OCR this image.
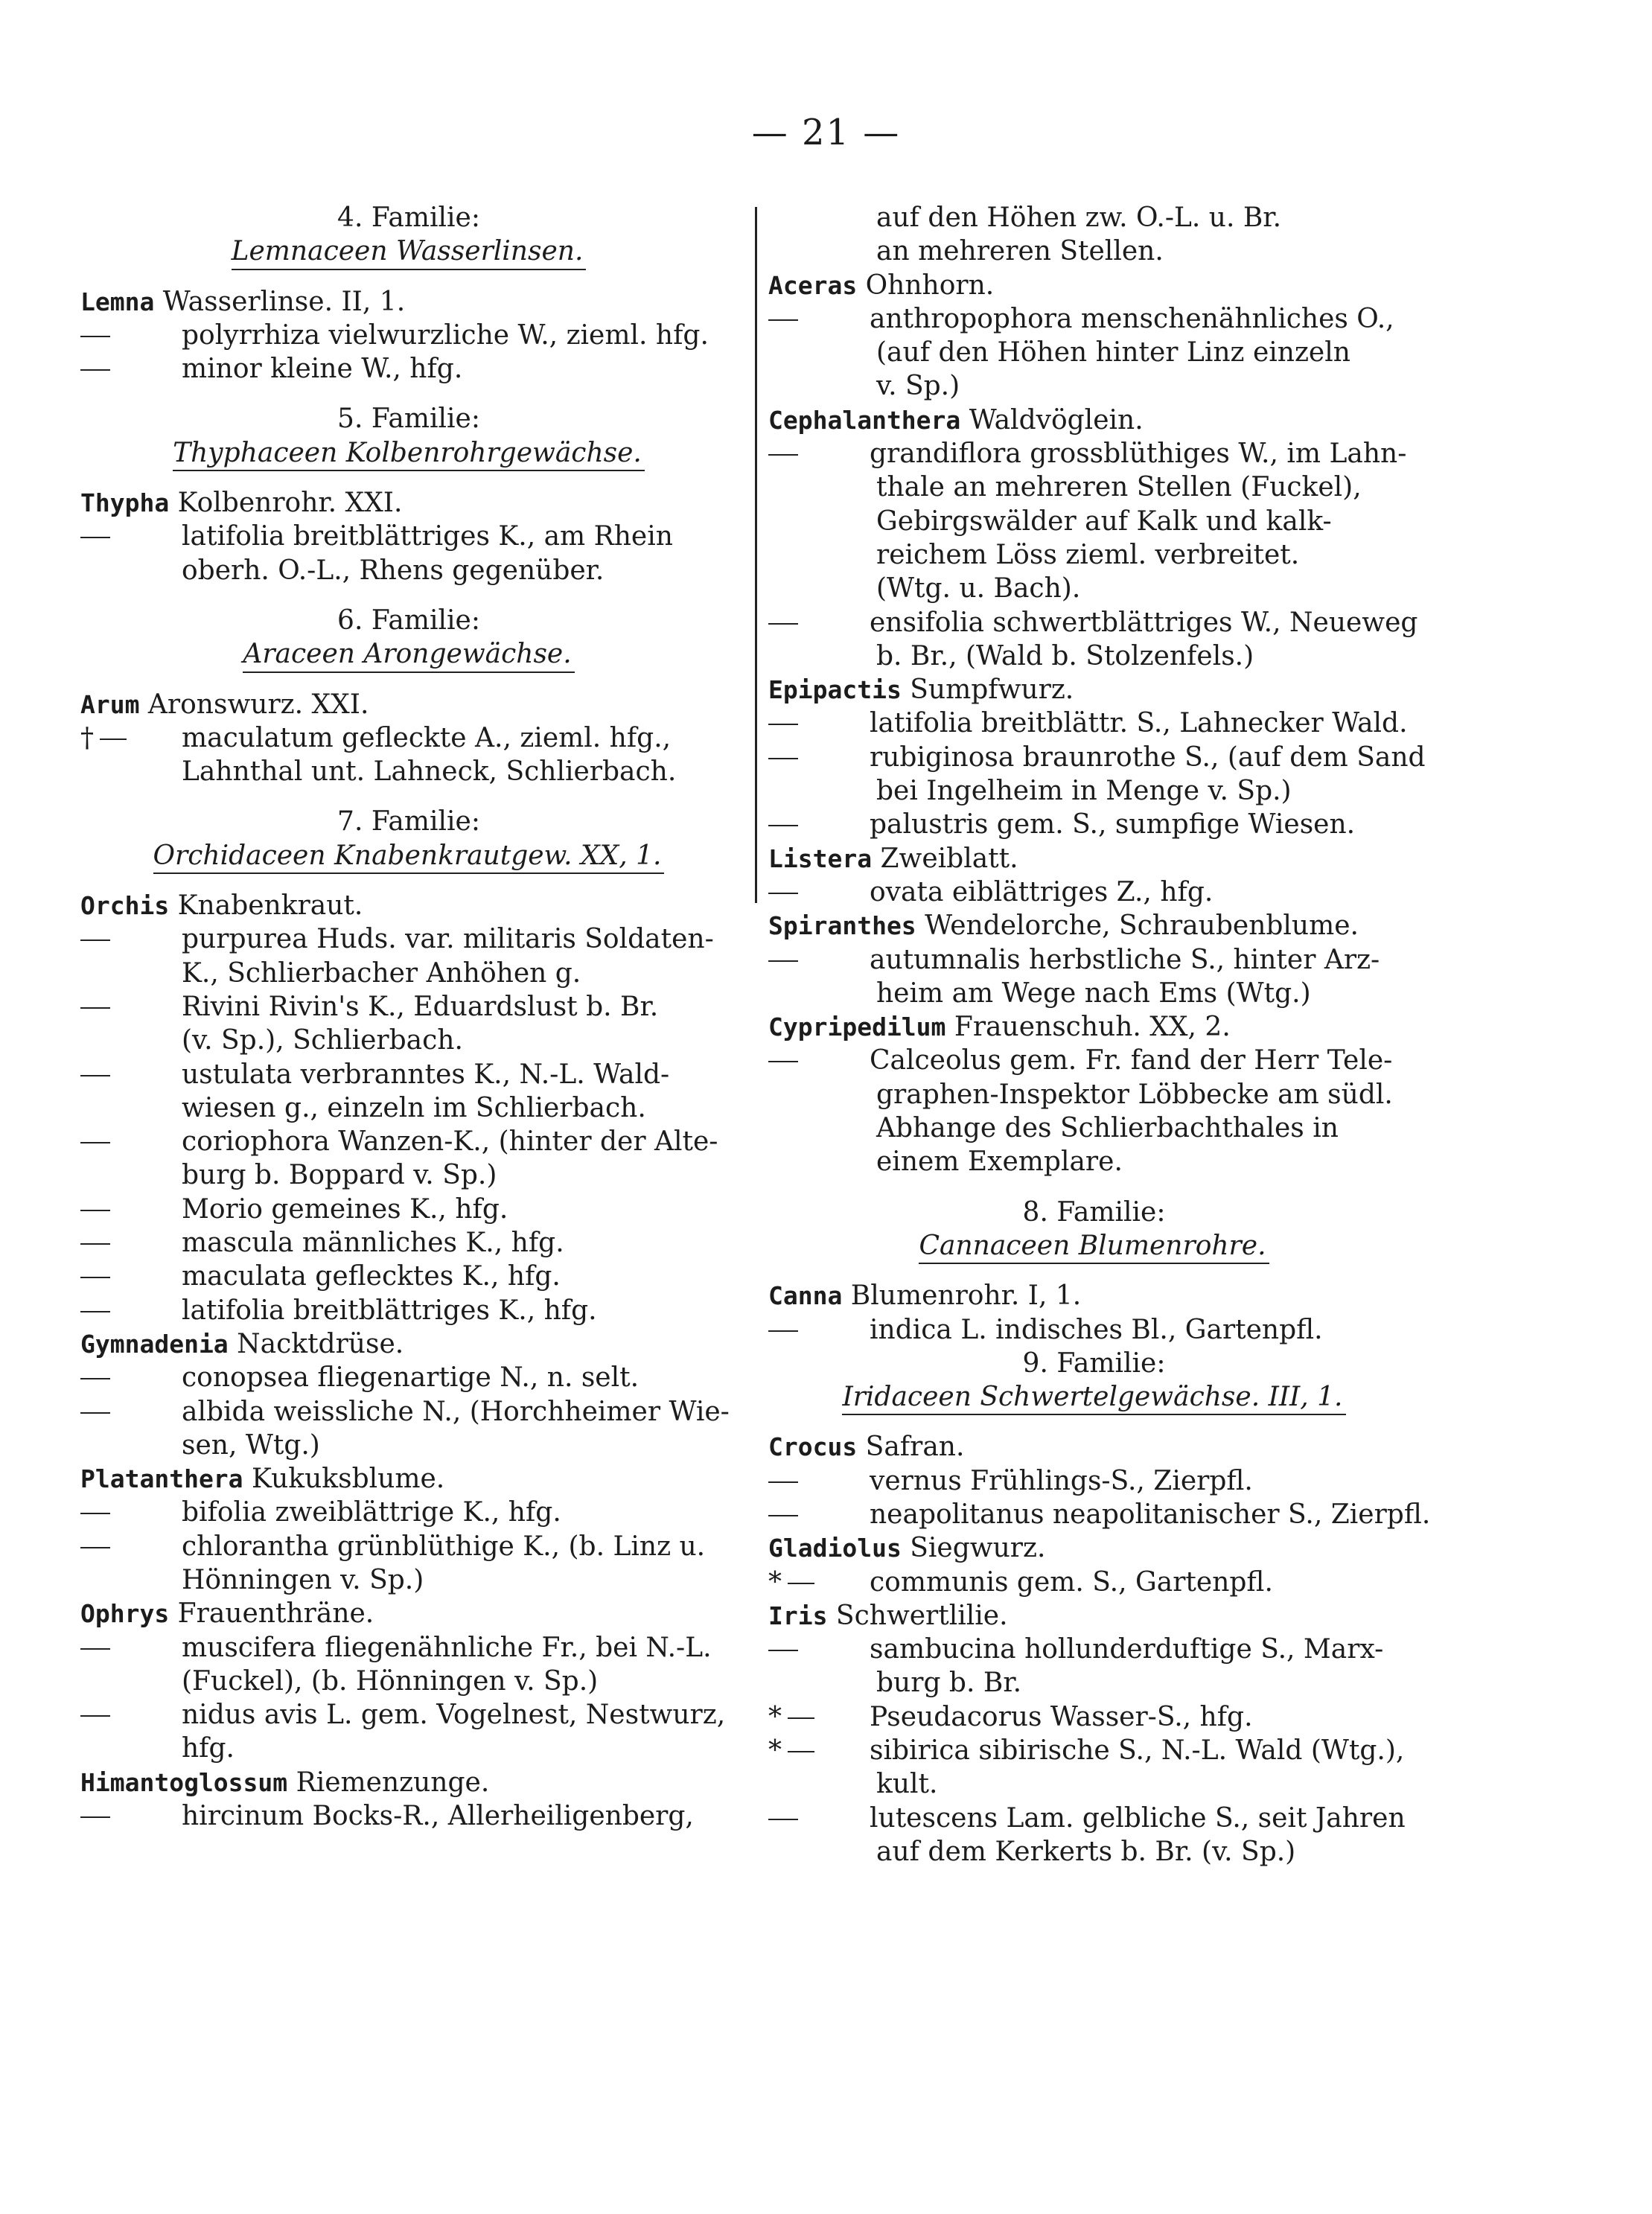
— 21 —
4. Familie:
Lemnaceen Wasserlinsen.
Lemna Wasserlinse. II, 1.
polyrrhiza vielwurzliche W., zieml. hfg.
minor kleine W., hfg.
5. Familie:
Thyphaceen Kolbenrohrgewächse.
Thypha Kolbenrohr. XXI.
latifolia breitblättriges K., am Rhein
oberh. O.-L., Rhens gegenüber.
6. Familie:
Araceen Arongewächse.
Arum Aronswurz. XXI.
†	maculatum gefleckte A., zieml. hfg.,
Lahnthal unt. Lahneck, Schlierbach.
7. Familie:
Orchidaceen Knabenkrautgew. XX, 1.
Orchis Knabenkraut.
purpurea Huds. var. militaris Soldaten-
K., Schlierbacher Anhöhen g.
Rivini Rivin's K., Eduardslust b. Br.
(v. Sp.), Schlierbach.
ustulata verbranntes K., N.-L. Wald-
wiesen g., einzeln im Schlierbach.
coriophora Wanzen-K., (hinter der Alte-
burg b. Boppard v. Sp.)
Morio gemeines K., hfg.
mascula männliches K., hfg.
maculata geflecktes K., hfg.
latifolia breitblättriges K., hfg.
Gymnadenia Nacktdrüse.
conopsea fliegenartige N., n. selt.
albida weissliche N., (Horchheimer Wie-
sen, Wtg.)
Platanthera Kukuksblume.
bifolia zweiblättrige K., hfg.
chlorantha grünblüthige K., (b. Linz u.
Hönningen v. Sp.)
Ophrys Frauenthräne.
muscifera fliegenähnliche Fr., bei N.-L.
(Fuckel), (b. Hönningen v. Sp.)
nidus avis L. gem. Vogelnest, Nestwurz,
hfg.
Himantoglossum Riemenzunge.
hircinum Bocks-R., Allerheiligenberg,
auf den Höhen zw. O.-L. u. Br.
an mehreren Stellen.
Aceras Ohnhorn.
anthropophora menschenähnliches O.,
(auf den Höhen hinter Linz einzeln
v. Sp.)
Cephalanthera Waldvöglein.
grandiflora grossblüthiges W., im Lahn-
thale an mehreren Stellen (Fuckel),
Gebirgswälder auf Kalk und kalk-
reichem Löss zieml. verbreitet.
(Wtg. u. Bach).
ensifolia schwertblättriges W., Neueweg
b. Br., (Wald b. Stolzenfels.)
Epipactis Sumpfwurz.
latifolia breitblättr. S., Lahnecker Wald.
rubiginosa braunrothe S., (auf dem Sand
bei Ingelheim in Menge v. Sp.)
palustris gem. S., sumpfige Wiesen.
Listera Zweiblatt.
ovata eiblättriges Z., hfg.
Spiranthes Wendelorche, Schraubenblume.
autumnalis herbstliche S., hinter Arz-
heim am Wege nach Ems (Wtg.)
Cypripedilum Frauenschuh. XX, 2.
Calceolus gem. Fr. fand der Herr Tele-
graphen-Inspektor Löbbecke am südl.
Abhange des Schlierbachthales in
einem Exemplare.
8. Familie:
Cannaceen Blumenrohre.
Canna Blumenrohr. I, 1.
indica L. indisches Bl., Gartenpfl.
9. Familie:
Iridaceen Schwertelgewächse. III, 1.
Crocus Safran.
vernus Frühlings-S., Zierpfl.
neapolitanus neapolitanischer S., Zierpfl.
Gladiolus Siegwurz.
*	communis gem. S., Gartenpfl.
Iris Schwertlilie.
sambucina hollunderduftige S., Marx-
burg b. Br.
*	Pseudacorus Wasser-S., hfg.
*	sibirica sibirische S., N.-L. Wald (Wtg.),
kult.
lutescens Lam. gelbliche S., seit Jahren
auf dem Kerkerts b. Br. (v. Sp.)
